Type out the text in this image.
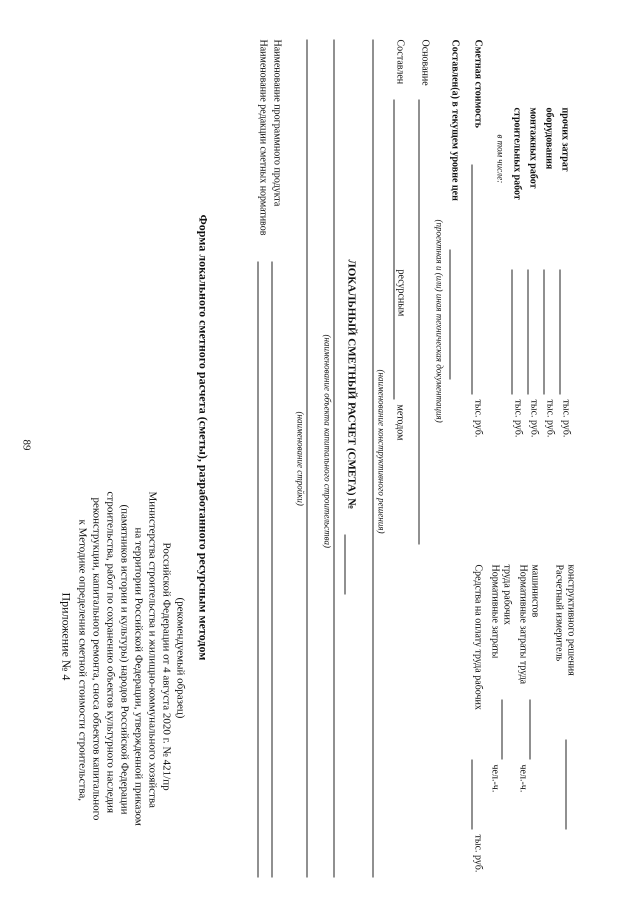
89
Приложение № 4 к Методике определения сметной стоимости строительства, реконструкции, капитального ремонта, сноса объектов капитального строительства, работ по сохранению объектов культурного наследия (памятников истории и культуры) народов Российской Федерации на территории Российской Федерации, утвержденной приказом Министерства строительства и жилищно-коммунального хозяйства Российской Федерации от 4 августа 2020 г. № 421/пр (рекомендуемый образец) Форма локального сметного расчета (сметы), разработанного ресурсным методом
Наименование редакции сметных нормативов Наименование программного продукта
(наименование стройки) (наименование объекта капитального строительства) ЛОКАЛЬНЫЙ СМЕТНЫЙ РАСЧЕТ (СМЕТА) № (наименование конструктивного решения)
Составлен
ресурсным
методом
Основание
(проектная и (или) иная техническая документация)
Составлен(а) в текущем уровне цен Сметная стоимость
тыс. руб.
в том числе: строительных работ
тыс. руб.
монтажных работ
тыс. руб.
оборудования
тыс. руб.
прочих затрат
тыс. руб.
Средства на оплату труда рабочих
тыс. руб.
Нормативные затраты труда рабочих
чел.-ч.
Нормативные затраты труда машинистов
чел.-ч.
Расчетный измеритель конструктивного решения
